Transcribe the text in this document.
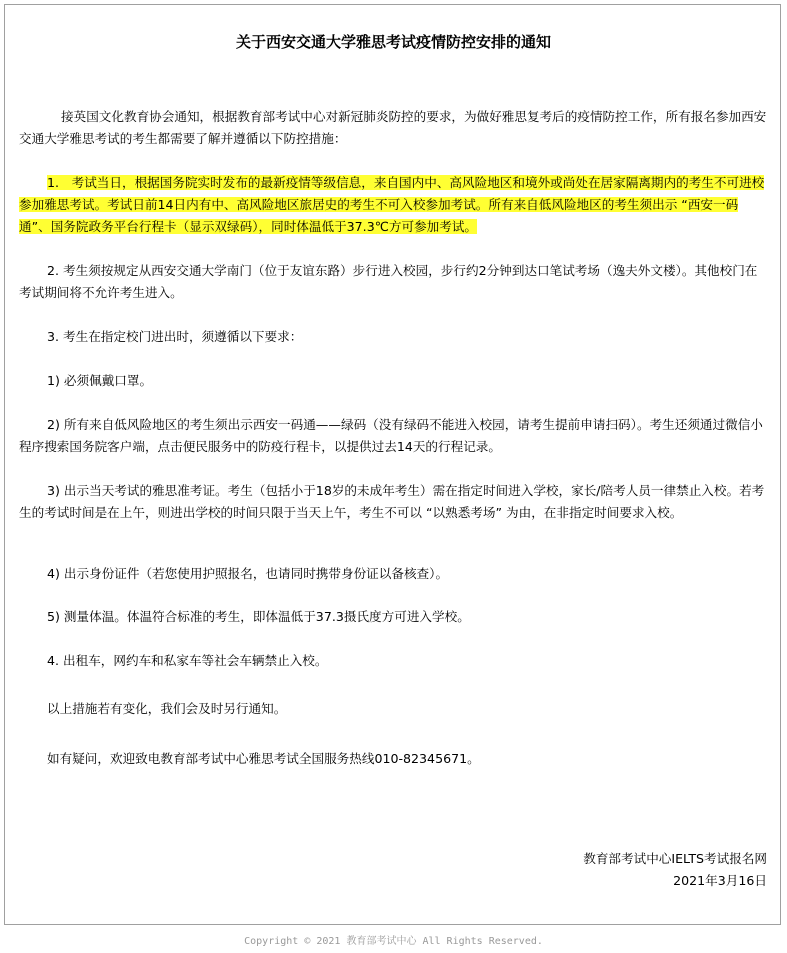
关于西安交通大学雅思考试疫情防控安排的通知

接英国文化教育协会通知，根据教育部考试中心对新冠肺炎防控的要求，为做好雅思复考后的疫情防控工作，所有报名参加西安交通大学雅思考试的考生都需要了解并遵循以下防控措施：

1.　考试当日，根据国务院实时发布的最新疫情等级信息，来自国内中、高风险地区和境外或尚处在居家隔离期内的考生不可进校参加雅思考试。考试日前14日内有中、高风险地区旅居史的考生不可入校参加考试。所有来自低风险地区的考生须出示 “西安一码通”、国务院政务平台行程卡（显示双绿码），同时体温低于37.3℃方可参加考试。

2. 考生须按规定从西安交通大学南门（位于友谊东路）步行进入校园，步行约2分钟到达口笔试考场（逸夫外文楼）。其他校门在考试期间将不允许考生进入。

3. 考生在指定校门进出时，须遵循以下要求：

1) 必须佩戴口罩。

2) 所有来自低风险地区的考生须出示西安一码通——绿码（没有绿码不能进入校园，请考生提前申请扫码）。考生还须通过微信小程序搜索国务院客户端，点击便民服务中的防疫行程卡，以提供过去14天的行程记录。

3) 出示当天考试的雅思准考证。考生（包括小于18岁的未成年考生）需在指定时间进入学校，家长/陪考人员一律禁止入校。若考生的考试时间是在上午，则进出学校的时间只限于当天上午，考生不可以 “以熟悉考场” 为由，在非指定时间要求入校。

4) 出示身份证件（若您使用护照报名，也请同时携带身份证以备核查）。

5) 测量体温。体温符合标准的考生，即体温低于37.3摄氏度方可进入学校。

4. 出租车，网约车和私家车等社会车辆禁止入校。

以上措施若有变化，我们会及时另行通知。

如有疑问，欢迎致电教育部考试中心雅思考试全国服务热线010-82345671。

教育部考试中心IELTS考试报名网
2021年3月16日
Copyright © 2021 教育部考试中心 All Rights Reserved.
